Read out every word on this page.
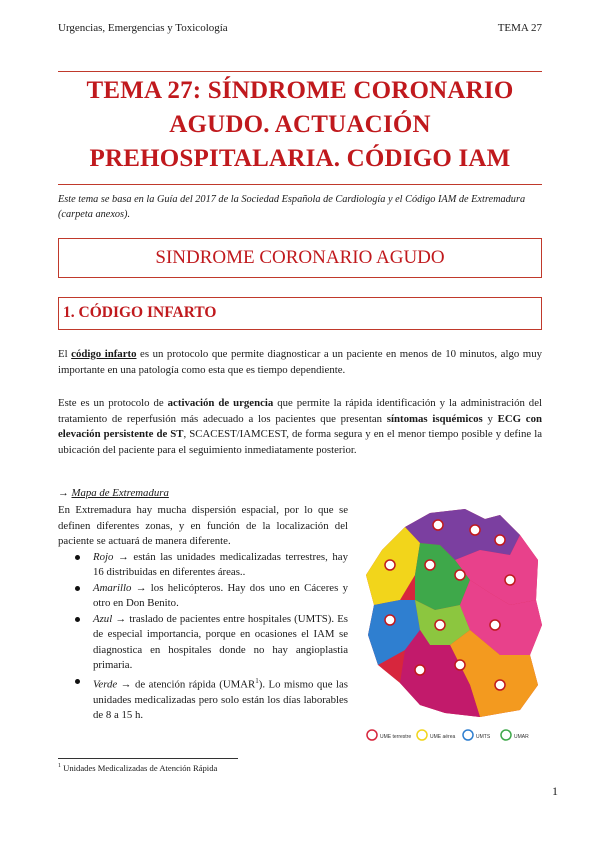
Urgencias, Emergencias y Toxicología	TEMA 27
TEMA 27: SÍNDROME CORONARIO
AGUDO. ACTUACIÓN
PREHOSPITALARIA. CÓDIGO IAM
Este tema se basa en la Guía del 2017 de la Sociedad Española de Cardiología y el Código IAM de Extremadura (carpeta anexos).
SINDROME CORONARIO AGUDO
1. CÓDIGO INFARTO
El código infarto es un protocolo que permite diagnosticar a un paciente en menos de 10 minutos, algo muy importante en una patología como esta que es tiempo dependiente.
Este es un protocolo de activación de urgencia que permite la rápida identificación y la administración del tratamiento de reperfusión más adecuado a los pacientes que presentan síntomas isquémicos y ECG con elevación persistente de ST, SCACEST/IAMCEST, de forma segura y en el menor tiempo posible y define la ubicación del paciente para el seguimiento inmediatamente posterior.
→ Mapa de Extremadura
En Extremadura hay mucha dispersión espacial, por lo que se definen diferentes zonas, y en función de la localización del paciente se actuará de manera diferente.
Rojo → están las unidades medicalizadas terrestres, hay 16 distribuidas en diferentes áreas..
Amarillo → los helicópteros. Hay dos uno en Cáceres y otro en Don Benito.
Azul → traslado de pacientes entre hospitales (UMTS). Es de especial importancia, porque en ocasiones el IAM se diagnostica en hospitales donde no hay angioplastia primaria.
Verde → de atención rápida (UMAR$^1$). Lo mismo que las unidades medicalizadas pero solo están los días laborables de 8 a 15 h.
UME terrestre	UME aérea	UMTS	UMAR
$^1$ Unidades Medicalizadas de Atención Rápida
1
